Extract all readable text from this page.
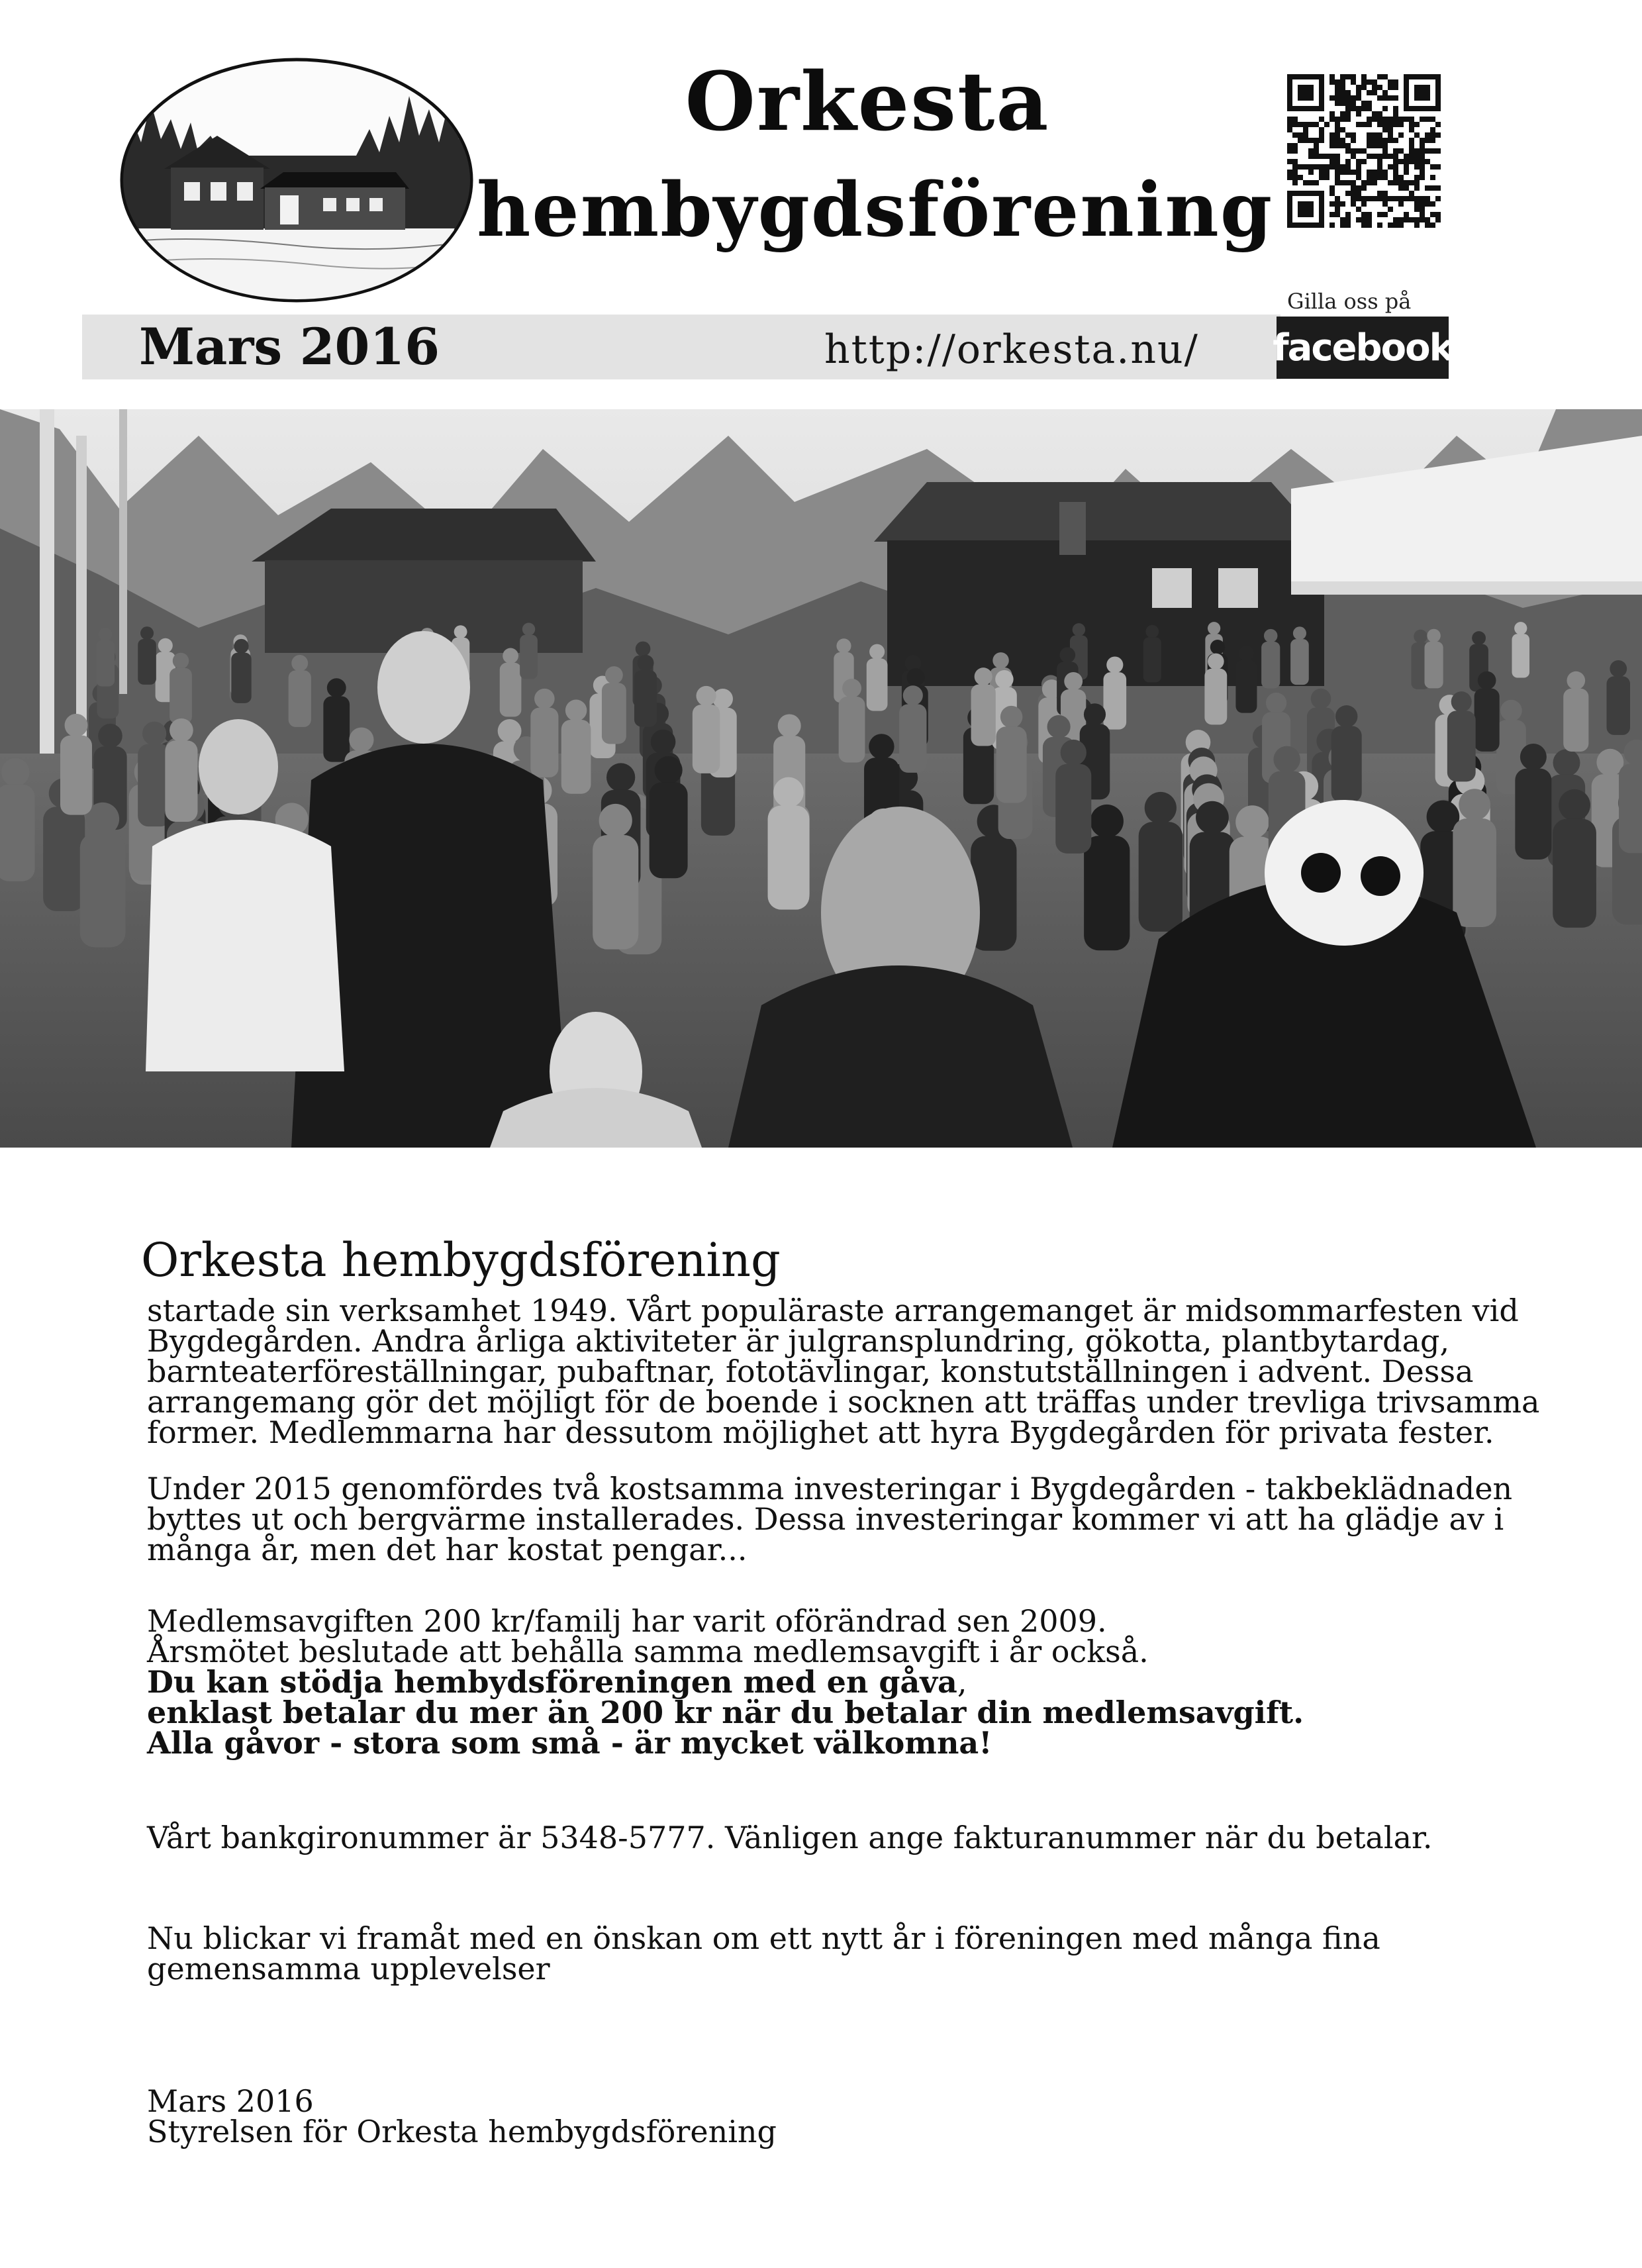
Orkesta
hembygdsförening
Mars 2016	http://orkesta.nu/
Gilla oss på
facebook
Orkesta hembygdsförening

startade sin verksamhet 1949. Vårt populäraste arrangemanget är midsommarfesten vid

Bygdegården. Andra årliga aktiviteter är julgransplundring, gökotta, plantbytardag,

barnteaterföreställningar, pubaftnar, fototävlingar, konstutställningen i advent. Dessa

arrangemang gör det möjligt för de boende i socknen att träffas under trevliga trivsamma

former. Medlemmarna har dessutom möjlighet att hyra Bygdegården för privata fester.

Under 2015 genomfördes två kostsamma investeringar i Bygdegården - takbeklädnaden

byttes ut och bergvärme installerades. Dessa investeringar kommer vi att ha glädje av i

många år, men det har kostat pengar...

Medlemsavgiften 200 kr/familj har varit oförändrad sen 2009.

Årsmötet beslutade att behålla samma medlemsavgift i år också.

Du kan stödja hembydsföreningen med en gåva,

enklast betalar du mer än 200 kr när du betalar din medlemsavgift.

Alla gåvor - stora som små - är mycket välkomna!

Vårt bankgironummer är 5348-5777. Vänligen ange fakturanummer när du betalar.

Nu blickar vi framåt med en önskan om ett nytt år i föreningen med många fina

gemensamma upplevelser

Mars 2016

Styrelsen för Orkesta hembygdsförening
